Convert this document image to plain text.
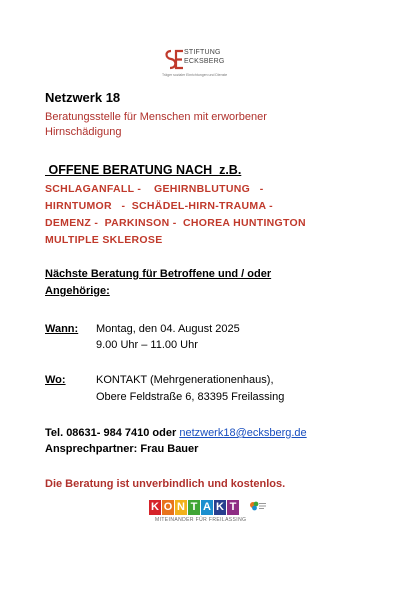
STIFTUNG
ECKSBERG
Träger sozialer Einrichtungen und Dienste
Netzwerk 18
Beratungsstelle für Menschen mit erworbener
Hirnschädigung
OFFENE BERATUNG NACH  z.B.
SCHLAGANFALL -    GEHIRNBLUTUNG   -
HIRNTUMOR   -  SCHÄDEL-HIRN-TRAUMA -
DEMENZ -  PARKINSON -  CHOREA HUNTINGTON
MULTIPLE SKLEROSE
Nächste Beratung für Betroffene und / oder
Angehörige:
Wann: Montag, den 04. August 2025
9.00 Uhr – 11.00 Uhr
Wo:	KONTAKT (Mehrgenerationenhaus),
Obere Feldstraße 6, 83395 Freilassing
Tel. 08631- 984 7410 oder netzwerk18@ecksberg.de
Ansprechpartner: Frau Bauer
Die Beratung ist unverbindlich und kostenlos.
K O N T A K T
MITEINANDER FÜR FREILASSING
